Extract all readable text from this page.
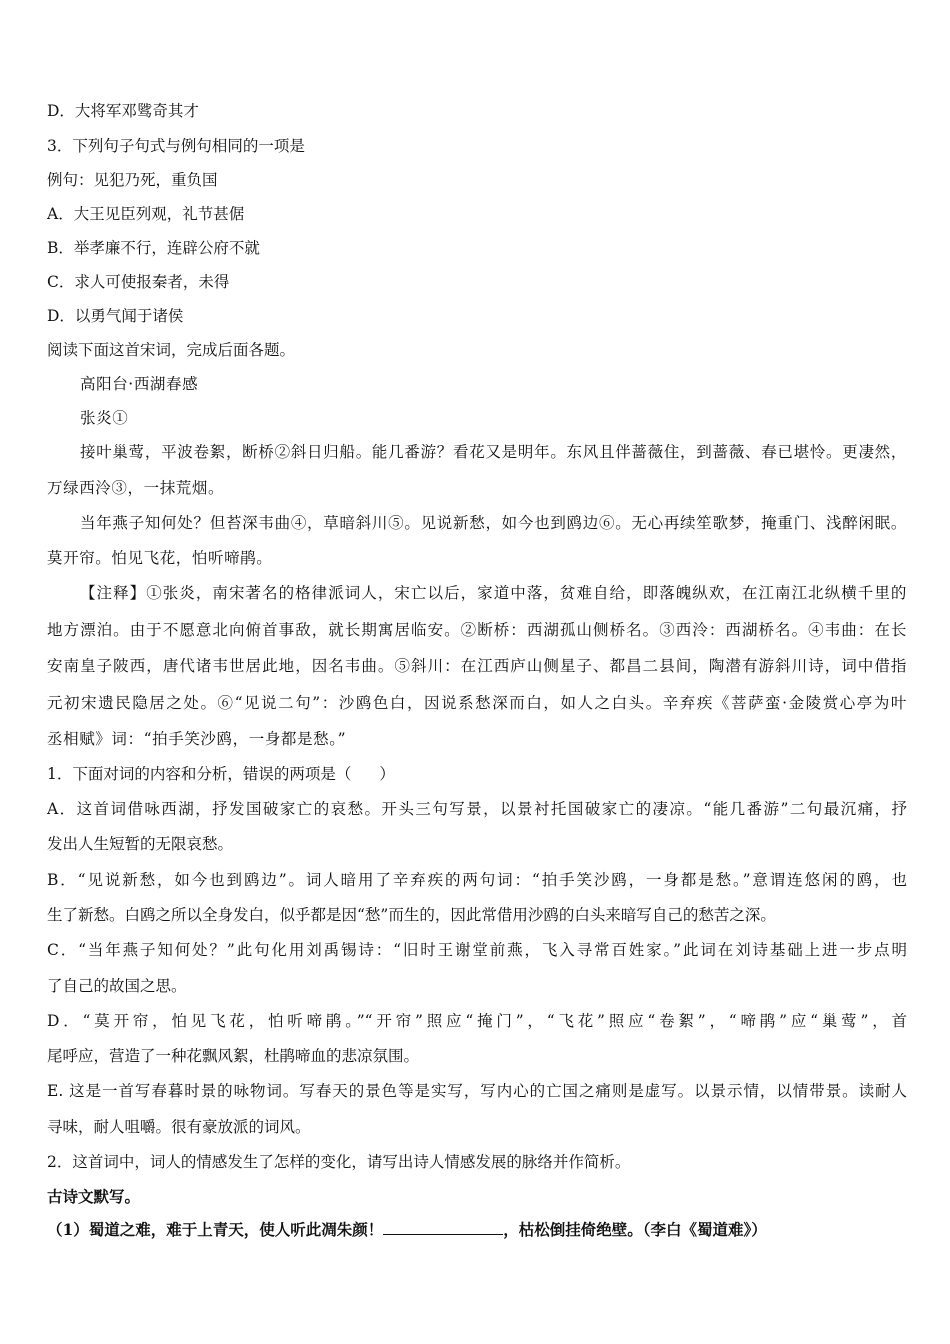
D．大将军邓骘奇其才
3．下列句子句式与例句相同的一项是
例句：见犯乃死，重负国
A．大王见臣列观，礼节甚倨
B．举孝廉不行，连辟公府不就
C．求人可使报秦者，未得
D．以勇气闻于诸侯
阅读下面这首宋词，完成后面各题。
高阳台·西湖春感
张炎①
接叶巢莺，平波卷絮，断桥②斜日归船。能几番游？看花又是明年。东风且伴蔷薇住，到蔷薇、春已堪怜。更凄然，
万绿西泠③，一抹荒烟。
当年燕子知何处？但苔深韦曲④，草暗斜川⑤。见说新愁，如今也到鸥边⑥。无心再续笙歌梦，掩重门、浅醉闲眠。
莫开帘。怕见飞花，怕听啼鹃。
【注释】①张炎，南宋著名的格律派词人，宋亡以后，家道中落，贫难自给，即落魄纵欢，在江南江北纵横千里的
地方漂泊。由于不愿意北向俯首事敌，就长期寓居临安。②断桥：西湖孤山侧桥名。③西泠：西湖桥名。④韦曲：在长
安南皇子陂西，唐代诸韦世居此地，因名韦曲。⑤斜川：在江西庐山侧星子、都昌二县间，陶潜有游斜川诗，词中借指
元初宋遗民隐居之处。⑥“见说二句”：沙鸥色白，因说系愁深而白，如人之白头。辛弃疾《菩萨蛮·金陵赏心亭为叶
丞相赋》词：“拍手笑沙鸥，一身都是愁。”
1．下面对词的内容和分析，错误的两项是（ ）
A．这首词借咏西湖，抒发国破家亡的哀愁。开头三句写景，以景衬托国破家亡的凄凉。“能几番游”二句最沉痛，抒
发出人生短暂的无限哀愁。
B．“见说新愁，如今也到鸥边”。词人暗用了辛弃疾的两句词：“拍手笑沙鸥，一身都是愁。”意谓连悠闲的鸥，也
生了新愁。白鸥之所以全身发白，似乎都是因“愁”而生的，因此常借用沙鸥的白头来暗写自己的愁苦之深。
C．“当年燕子知何处？”此句化用刘禹锡诗：“旧时王谢堂前燕，飞入寻常百姓家。”此词在刘诗基础上进一步点明
了自己的故国之思。
D．“莫开帘，怕见飞花，怕听啼鹃。”“开帘”照应“掩门”，“飞花”照应“卷絮”，“啼鹃”应“巢莺”，首
尾呼应，营造了一种花飘风絮，杜鹃啼血的悲凉氛围。
E. 这是一首写春暮时景的咏物词。写春天的景色等是实写，写内心的亡国之痛则是虚写。以景示情，以情带景。读耐人
寻味，耐人咀嚼。很有豪放派的词风。
2．这首词中，词人的情感发生了怎样的变化，请写出诗人情感发展的脉络并作简析。
古诗文默写。
（1）蜀道之难，难于上青天，使人听此凋朱颜！	，枯松倒挂倚绝壁。（李白《蜀道难》）
